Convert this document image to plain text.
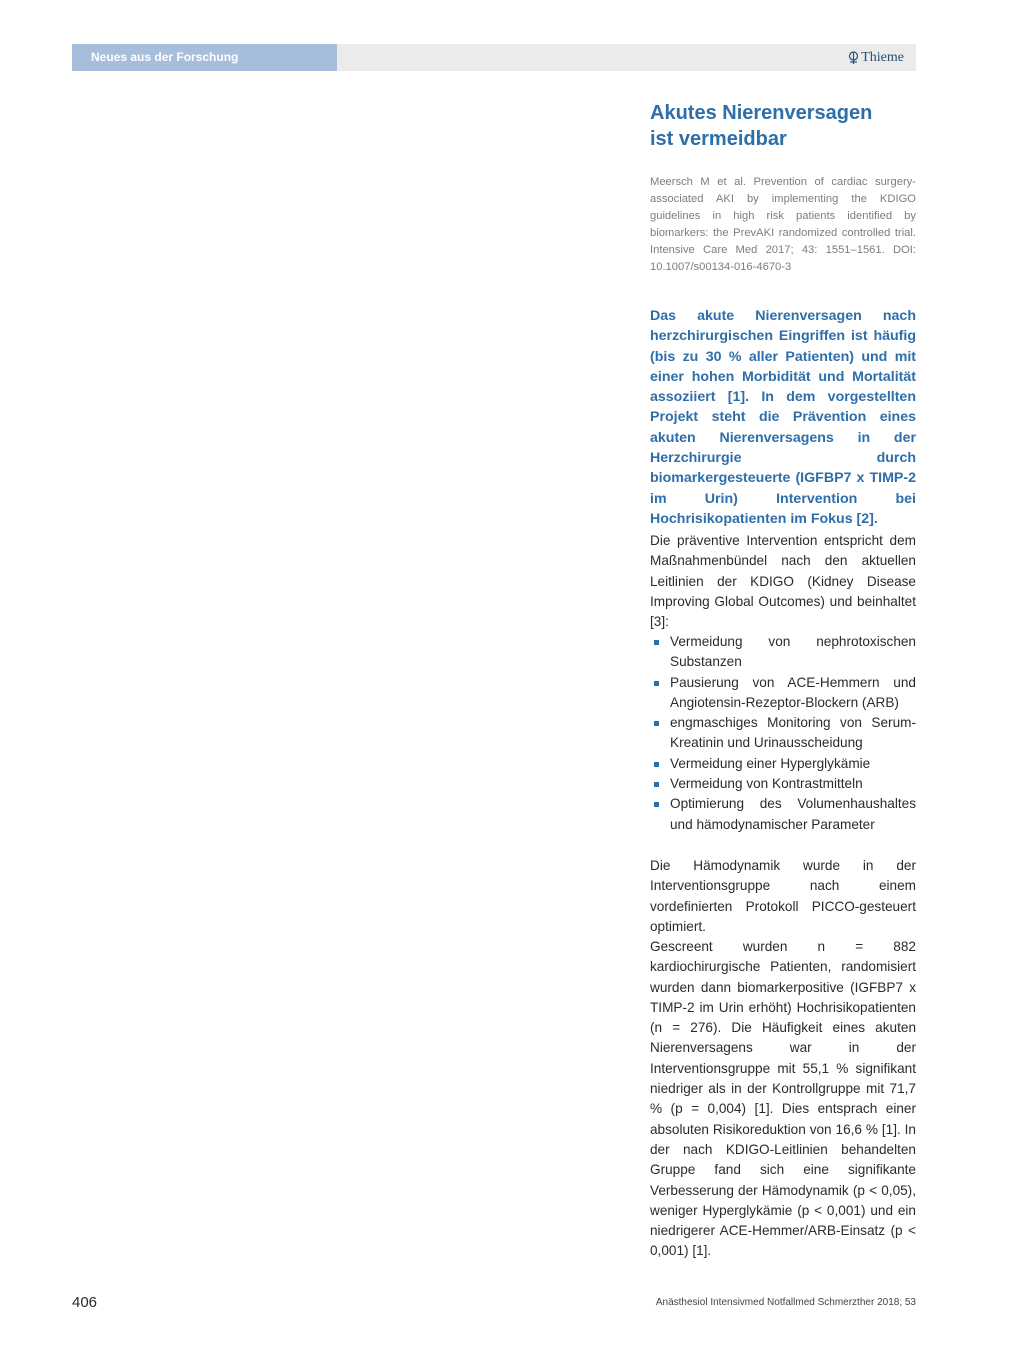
Neues aus der Forschung	Thieme
Akutes Nierenversagen
ist vermeidbar
Meersch M et al. Prevention of cardiac surgery-associated AKI by implementing the KDIGO guidelines in high risk patients identified by biomarkers: the PrevAKI randomized controlled trial. Intensive Care Med 2017; 43: 1551–1561. DOI: 10.1007/s00134-016-4670-3
Das akute Nierenversagen nach herzchirurgischen Eingriffen ist häufig (bis zu 30 % aller Patienten) und mit einer hohen Morbidität und Mortalität assoziiert [1]. In dem vorgestellten Projekt steht die Prävention eines akuten Nierenversagens in der Herzchirurgie durch biomarkergesteuerte (IGFBP7 x TIMP-2 im Urin) Intervention bei Hochrisikopatienten im Fokus [2].
Die präventive Intervention entspricht dem Maßnahmenbündel nach den aktuellen Leitlinien der KDIGO (Kidney Disease Improving Global Outcomes) und beinhaltet [3]:
Vermeidung von nephrotoxischen Substanzen
Pausierung von ACE-Hemmern und Angiotensin-Rezeptor-Blockern (ARB)
engmaschiges Monitoring von Serum-Kreatinin und Urinausscheidung
Vermeidung einer Hyperglykämie
Vermeidung von Kontrastmitteln
Optimierung des Volumenhaushaltes und hämodynamischer Parameter
Die Hämodynamik wurde in der Interventionsgruppe nach einem vordefinierten Protokoll PICCO-gesteuert optimiert.
Gescreent wurden n = 882 kardiochirurgische Patienten, randomisiert wurden dann biomarkerpositive (IGFBP7 x TIMP-2 im Urin erhöht) Hochrisikopatienten (n = 276). Die Häufigkeit eines akuten Nierenversagens war in der Interventionsgruppe mit 55,1 % signifikant niedriger als in der Kontrollgruppe mit 71,7 % (p = 0,004) [1]. Dies entsprach einer absoluten Risikoreduktion von 16,6 % [1]. In der nach KDIGO-Leitlinien behandelten Gruppe fand sich eine signifikante Verbesserung der Hämodynamik (p < 0,05), weniger Hyperglykämie (p < 0,001) und ein niedrigerer ACE-Hemmer/ARB-Einsatz (p < 0,001) [1].
406	Anästhesiol Intensivmed Notfallmed Schmerzther 2018; 53
